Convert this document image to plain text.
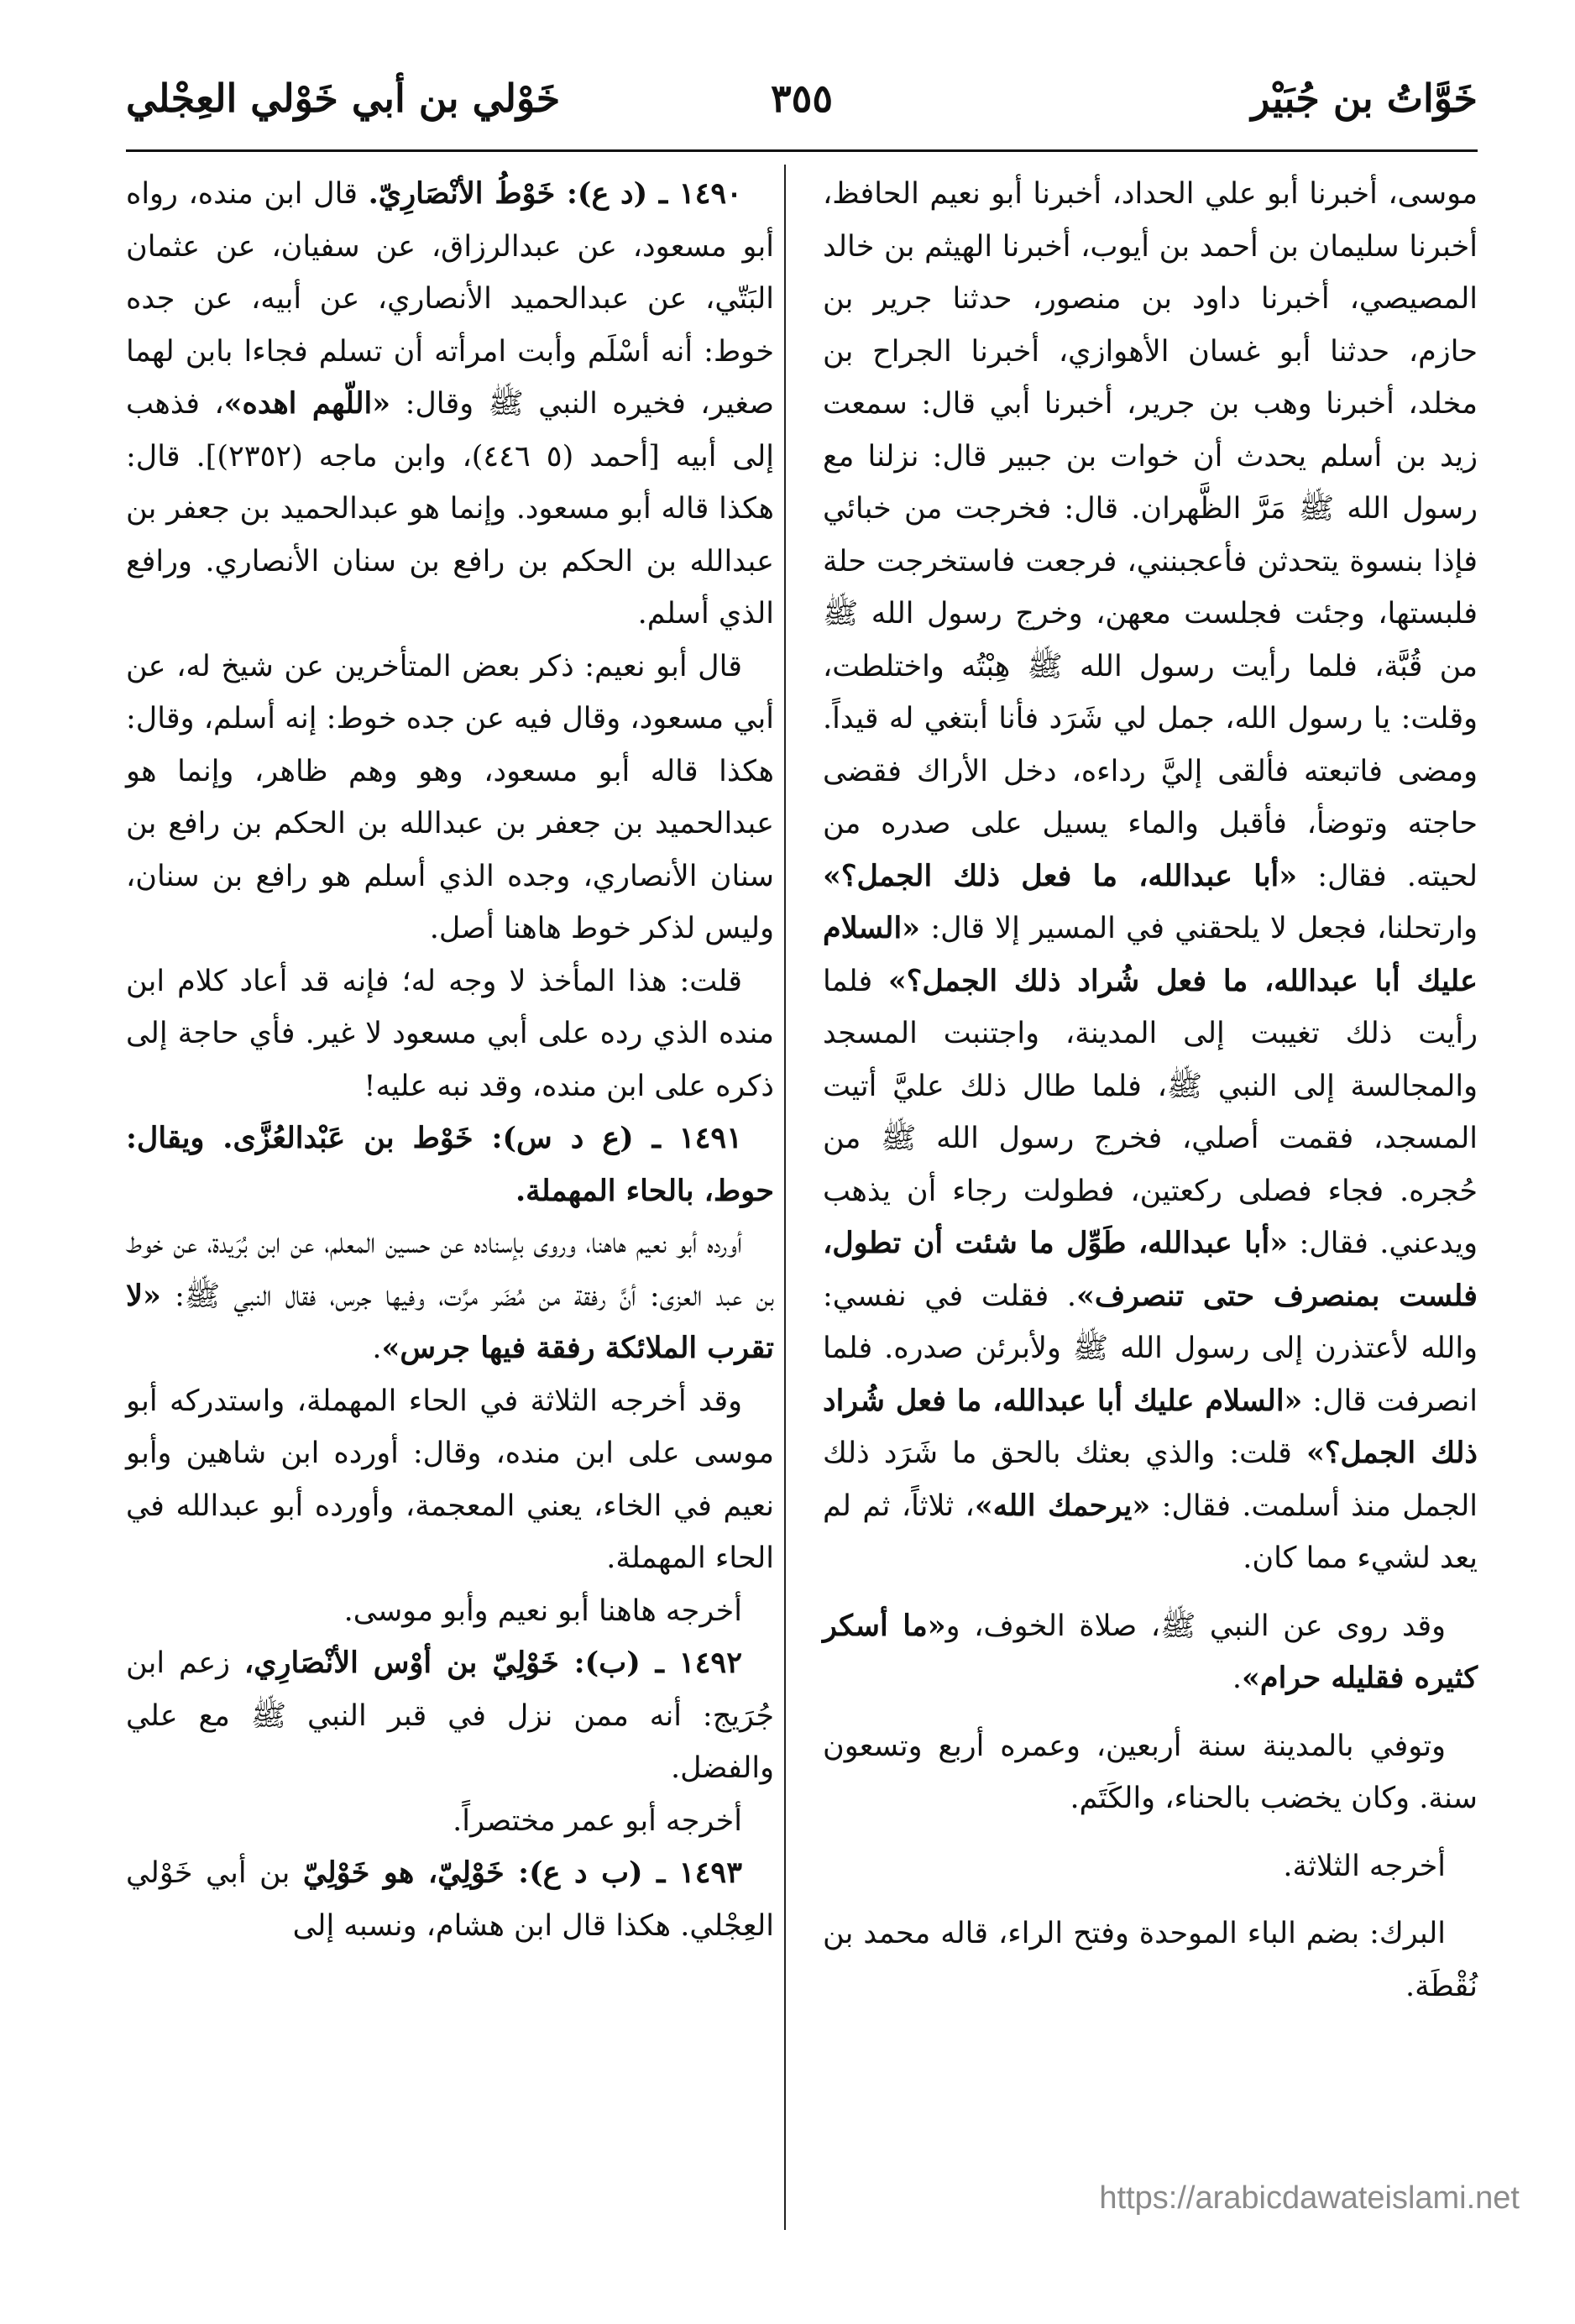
خَوَّاتُ بن جُبَيْر
٣٥٥
خَوْلي بن أبي خَوْلي العِجْلي

موسى، أخبرنا أبو علي الحداد، أخبرنا أبو نعيم الحافظ، أخبرنا سليمان بن أحمد بن أيوب، أخبرنا الهيثم بن خالد المصيصي، أخبرنا داود بن منصور، حدثنا جرير بن حازم، حدثنا أبو غسان الأهوازي، أخبرنا الجراح بن مخلد، أخبرنا وهب بن جرير، أخبرنا أبي قال: سمعت زيد بن أسلم يحدث أن خوات بن جبير قال: نزلنا مع رسول الله ﷺ مَرَّ الظَّهران. قال: فخرجت من خبائي فإذا بنسوة يتحدثن فأعجبنني، فرجعت فاستخرجت حلة فلبستها، وجئت فجلست معهن، وخرج رسول الله ﷺ من قُبَّة، فلما رأيت رسول الله ﷺ هِبْتُه واختلطت، وقلت: يا رسول الله، جمل لي شَرَد فأنا أبتغي له قيداً. ومضى فاتبعته فألقى إليَّ رداءه، دخل الأراك فقضى حاجته وتوضأ، فأقبل والماء يسيل على صدره من لحيته. فقال: «أبا عبدالله، ما فعل ذلك الجمل؟» وارتحلنا، فجعل لا يلحقني في المسير إلا قال: «السلام عليك أبا عبدالله، ما فعل شُراد ذلك الجمل؟» فلما رأيت ذلك تغيبت إلى المدينة، واجتنبت المسجد والمجالسة إلى النبي ﷺ، فلما طال ذلك عليَّ أتيت المسجد، فقمت أصلي، فخرج رسول الله ﷺ من حُجره. فجاء فصلى ركعتين، فطولت رجاء أن يذهب ويدعني. فقال: «أبا عبدالله، طَوِّل ما شئت أن تطول، فلست بمنصرف حتى تنصرف». فقلت في نفسي: والله لأعتذرن إلى رسول الله ﷺ ولأبرئن صدره. فلما انصرفت قال: «السلام عليك أبا عبدالله، ما فعل شُراد ذلك الجمل؟» قلت: والذي بعثك بالحق ما شَرَد ذلك الجمل منذ أسلمت. فقال: «يرحمك الله»، ثلاثاً، ثم لم يعد لشيء مما كان.

وقد روى عن النبي ﷺ، صلاة الخوف، و«ما أسكر كثيره فقليله حرام».

وتوفي بالمدينة سنة أربعين، وعمره أربع وتسعون سنة. وكان يخضب بالحناء، والكَتَم.

أخرجه الثلاثة.

البرك: بضم الباء الموحدة وفتح الراء، قاله محمد بن نُقْطَة.

١٤٩٠ ـ (د ع): خَوْطُ الأنْصَارِيّ. قال ابن منده، رواه أبو مسعود، عن عبدالرزاق، عن سفيان، عن عثمان البَتّي، عن عبدالحميد الأنصاري، عن أبيه، عن جده خوط: أنه أسْلَم وأبت امرأته أن تسلم فجاءا بابن لهما صغير، فخيره النبي ﷺ وقال: «اللّهم اهده»، فذهب إلى أبيه [أحمد (٥ ٤٤٦)، وابن ماجه (٢٣٥٢)]. قال: هكذا قاله أبو مسعود. وإنما هو عبدالحميد بن جعفر بن عبدالله بن الحكم بن رافع بن سنان الأنصاري. ورافع الذي أسلم.

قال أبو نعيم: ذكر بعض المتأخرين عن شيخ له، عن أبي مسعود، وقال فيه عن جده خوط: إنه أسلم، وقال: هكذا قاله أبو مسعود، وهو وهم ظاهر، وإنما هو عبدالحميد بن جعفر بن عبدالله بن الحكم بن رافع بن سنان الأنصاري، وجده الذي أسلم هو رافع بن سنان، وليس لذكر خوط هاهنا أصل.

قلت: هذا المأخذ لا وجه له؛ فإنه قد أعاد كلام ابن منده الذي رده على أبي مسعود لا غير. فأي حاجة إلى ذكره على ابن منده، وقد نبه عليه!

١٤٩١ ـ (ع د س): خَوْط بن عَبْدالعُزَّى. ويقال: حوط، بالحاء المهملة.

أورده أبو نعيم هاهنا، وروى بإسناده عن حسين المعلم، عن ابن بُرَيدة، عن خوط بن عبد العزى: أنَّ رفقة من مُضَر مرَّت، وفيها جرس، فقال النبي ﷺ: «لا تقرب الملائكة رفقة فيها جرس».

وقد أخرجه الثلاثة في الحاء المهملة، واستدركه أبو موسى على ابن منده، وقال: أورده ابن شاهين وأبو نعيم في الخاء، يعني المعجمة، وأورده أبو عبدالله في الحاء المهملة.

أخرجه هاهنا أبو نعيم وأبو موسى.

١٤٩٢ ـ (ب): خَوْلِيّ بن أوْس الأنْصَارِي، زعم ابن جُرَيج: أنه ممن نزل في قبر النبي ﷺ مع علي والفضل.

أخرجه أبو عمر مختصراً.

١٤٩٣ ـ (ب د ع): خَوْلِيّ، هو خَوْلِيّ بن أبي خَوْلي العِجْلي. هكذا قال ابن هشام، ونسبه إلى

https://arabicdawateislami.net
